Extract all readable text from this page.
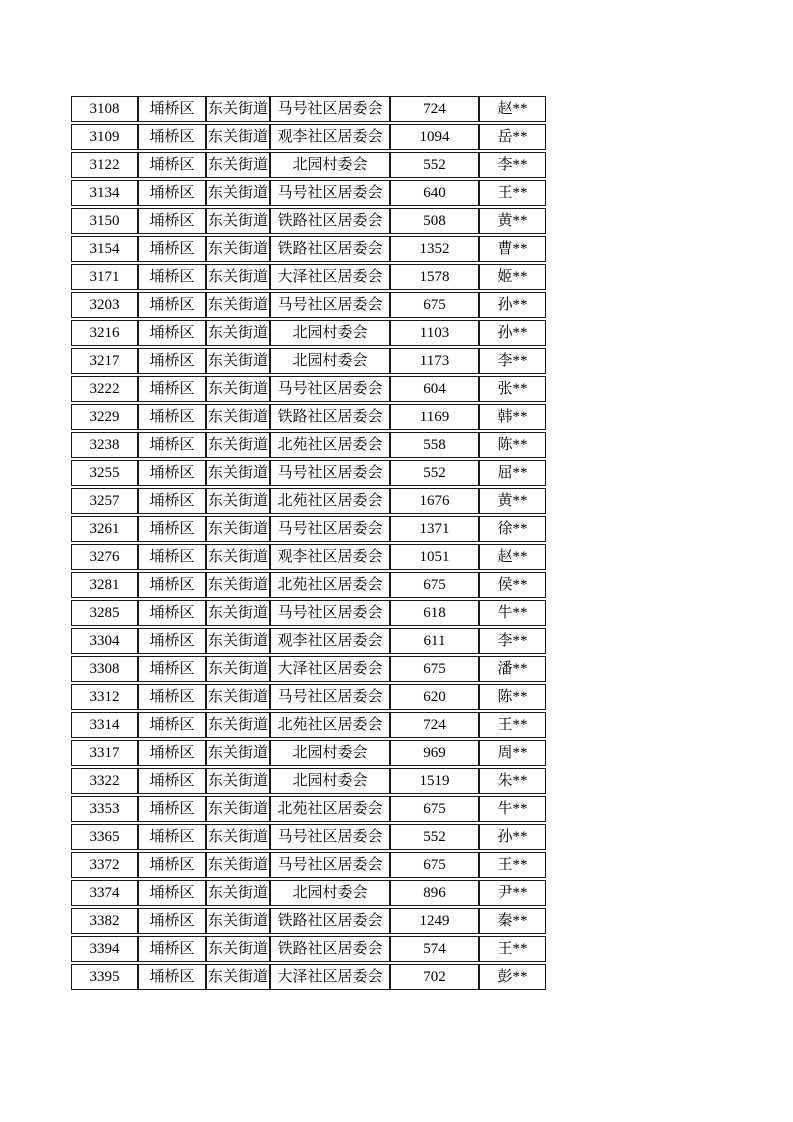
3108	埇桥区	东关街道	马号社区居委会	724	赵**
3109	埇桥区	东关街道	观李社区居委会	1094	岳**
3122	埇桥区	东关街道	北园村委会	552	李**
3134	埇桥区	东关街道	马号社区居委会	640	王**
3150	埇桥区	东关街道	铁路社区居委会	508	黄**
3154	埇桥区	东关街道	铁路社区居委会	1352	曹**
3171	埇桥区	东关街道	大泽社区居委会	1578	姬**
3203	埇桥区	东关街道	马号社区居委会	675	孙**
3216	埇桥区	东关街道	北园村委会	1103	孙**
3217	埇桥区	东关街道	北园村委会	1173	李**
3222	埇桥区	东关街道	马号社区居委会	604	张**
3229	埇桥区	东关街道	铁路社区居委会	1169	韩**
3238	埇桥区	东关街道	北苑社区居委会	558	陈**
3255	埇桥区	东关街道	马号社区居委会	552	屈**
3257	埇桥区	东关街道	北苑社区居委会	1676	黄**
3261	埇桥区	东关街道	马号社区居委会	1371	徐**
3276	埇桥区	东关街道	观李社区居委会	1051	赵**
3281	埇桥区	东关街道	北苑社区居委会	675	侯**
3285	埇桥区	东关街道	马号社区居委会	618	牛**
3304	埇桥区	东关街道	观李社区居委会	611	李**
3308	埇桥区	东关街道	大泽社区居委会	675	潘**
3312	埇桥区	东关街道	马号社区居委会	620	陈**
3314	埇桥区	东关街道	北苑社区居委会	724	王**
3317	埇桥区	东关街道	北园村委会	969	周**
3322	埇桥区	东关街道	北园村委会	1519	朱**
3353	埇桥区	东关街道	北苑社区居委会	675	牛**
3365	埇桥区	东关街道	马号社区居委会	552	孙**
3372	埇桥区	东关街道	马号社区居委会	675	王**
3374	埇桥区	东关街道	北园村委会	896	尹**
3382	埇桥区	东关街道	铁路社区居委会	1249	秦**
3394	埇桥区	东关街道	铁路社区居委会	574	王**
3395	埇桥区	东关街道	大泽社区居委会	702	彭**
